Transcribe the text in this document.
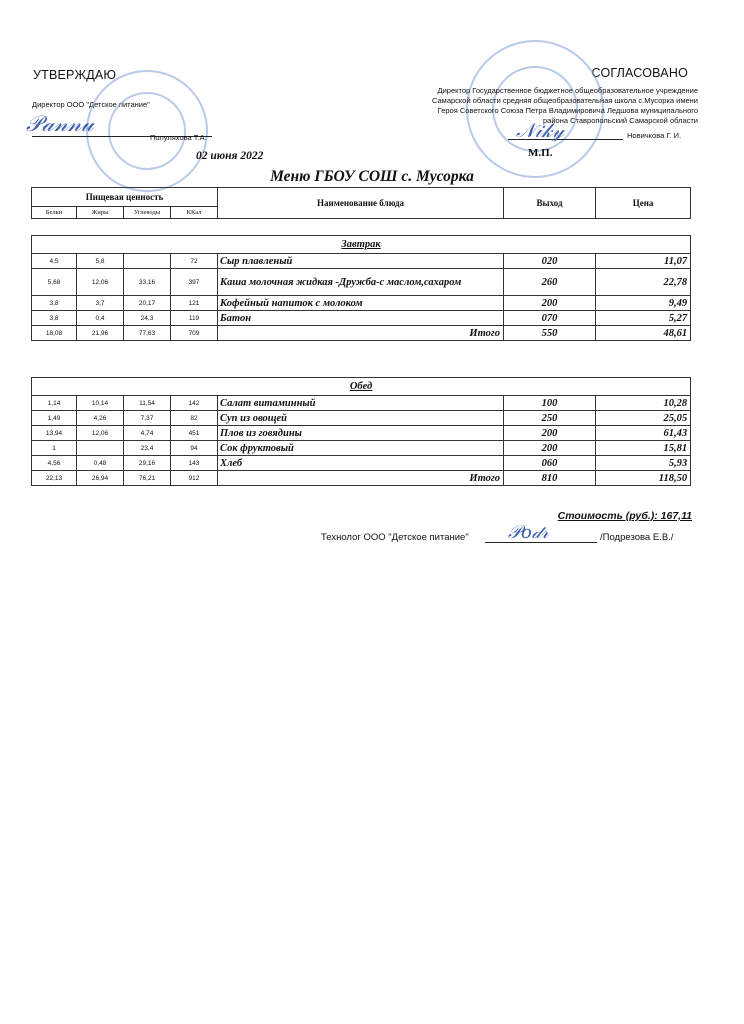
УТВЕРЖДАЮ
Директор ООО "Детское питание"
𝒫𝒶𝓃𝓃𝓊
Полуляхова Т.А.
02 июня 2022
СОГЛАСОВАНО
Директор Государственное бюджетное общеобразовательное учреждение
Самарской области средняя общеобразовательная школа с.Мусорка имени
Героя Советского Союза Петра Владимировича Ледшова муниципального
района Ставропольский Самарской области
𝒩𝒾𝓀𝓎	Новичкова Г. И.
М.П.
Меню ГБОУ СОШ с. Мусорка
Пищевая ценность				Наименование блюда	Выход	Цена
Белки	Жиры	Углеводы	ККал			
Завтрак						
4,5	5,8		72	Сыр плавленый	020	11,07
5,68	12,06	33,16	397	Каша молочная жидкая -Дружба-с маслом,сахаром	260	22,78
3,8	3,7	20,17	121	Кофейный напиток с молоком	200	9,49
3,8	0,4	24,3	119	Батон	070	5,27
18,08	21,96	77,63	709	Итого	550	48,61
Обед						
1,14	10,14	11,54	142	Салат витаминный	100	10,28
1,49	4,26	7,37	82	Суп из овощей	250	25,05
13,94	12,06	4,74	451	Плов из говядины	200	61,43
1		23,4	94	Сок фруктовый	200	15,81
4,56	0,48	29,16	143	Хлеб	060	5,93
22,13	26,94	76,21	912	Итого	810	118,50
Стоимость (руб.): 167,11
Технолог ООО "Детское питание" 𝒫𝑜𝒹𝓇	/Подрезова Е.В./
